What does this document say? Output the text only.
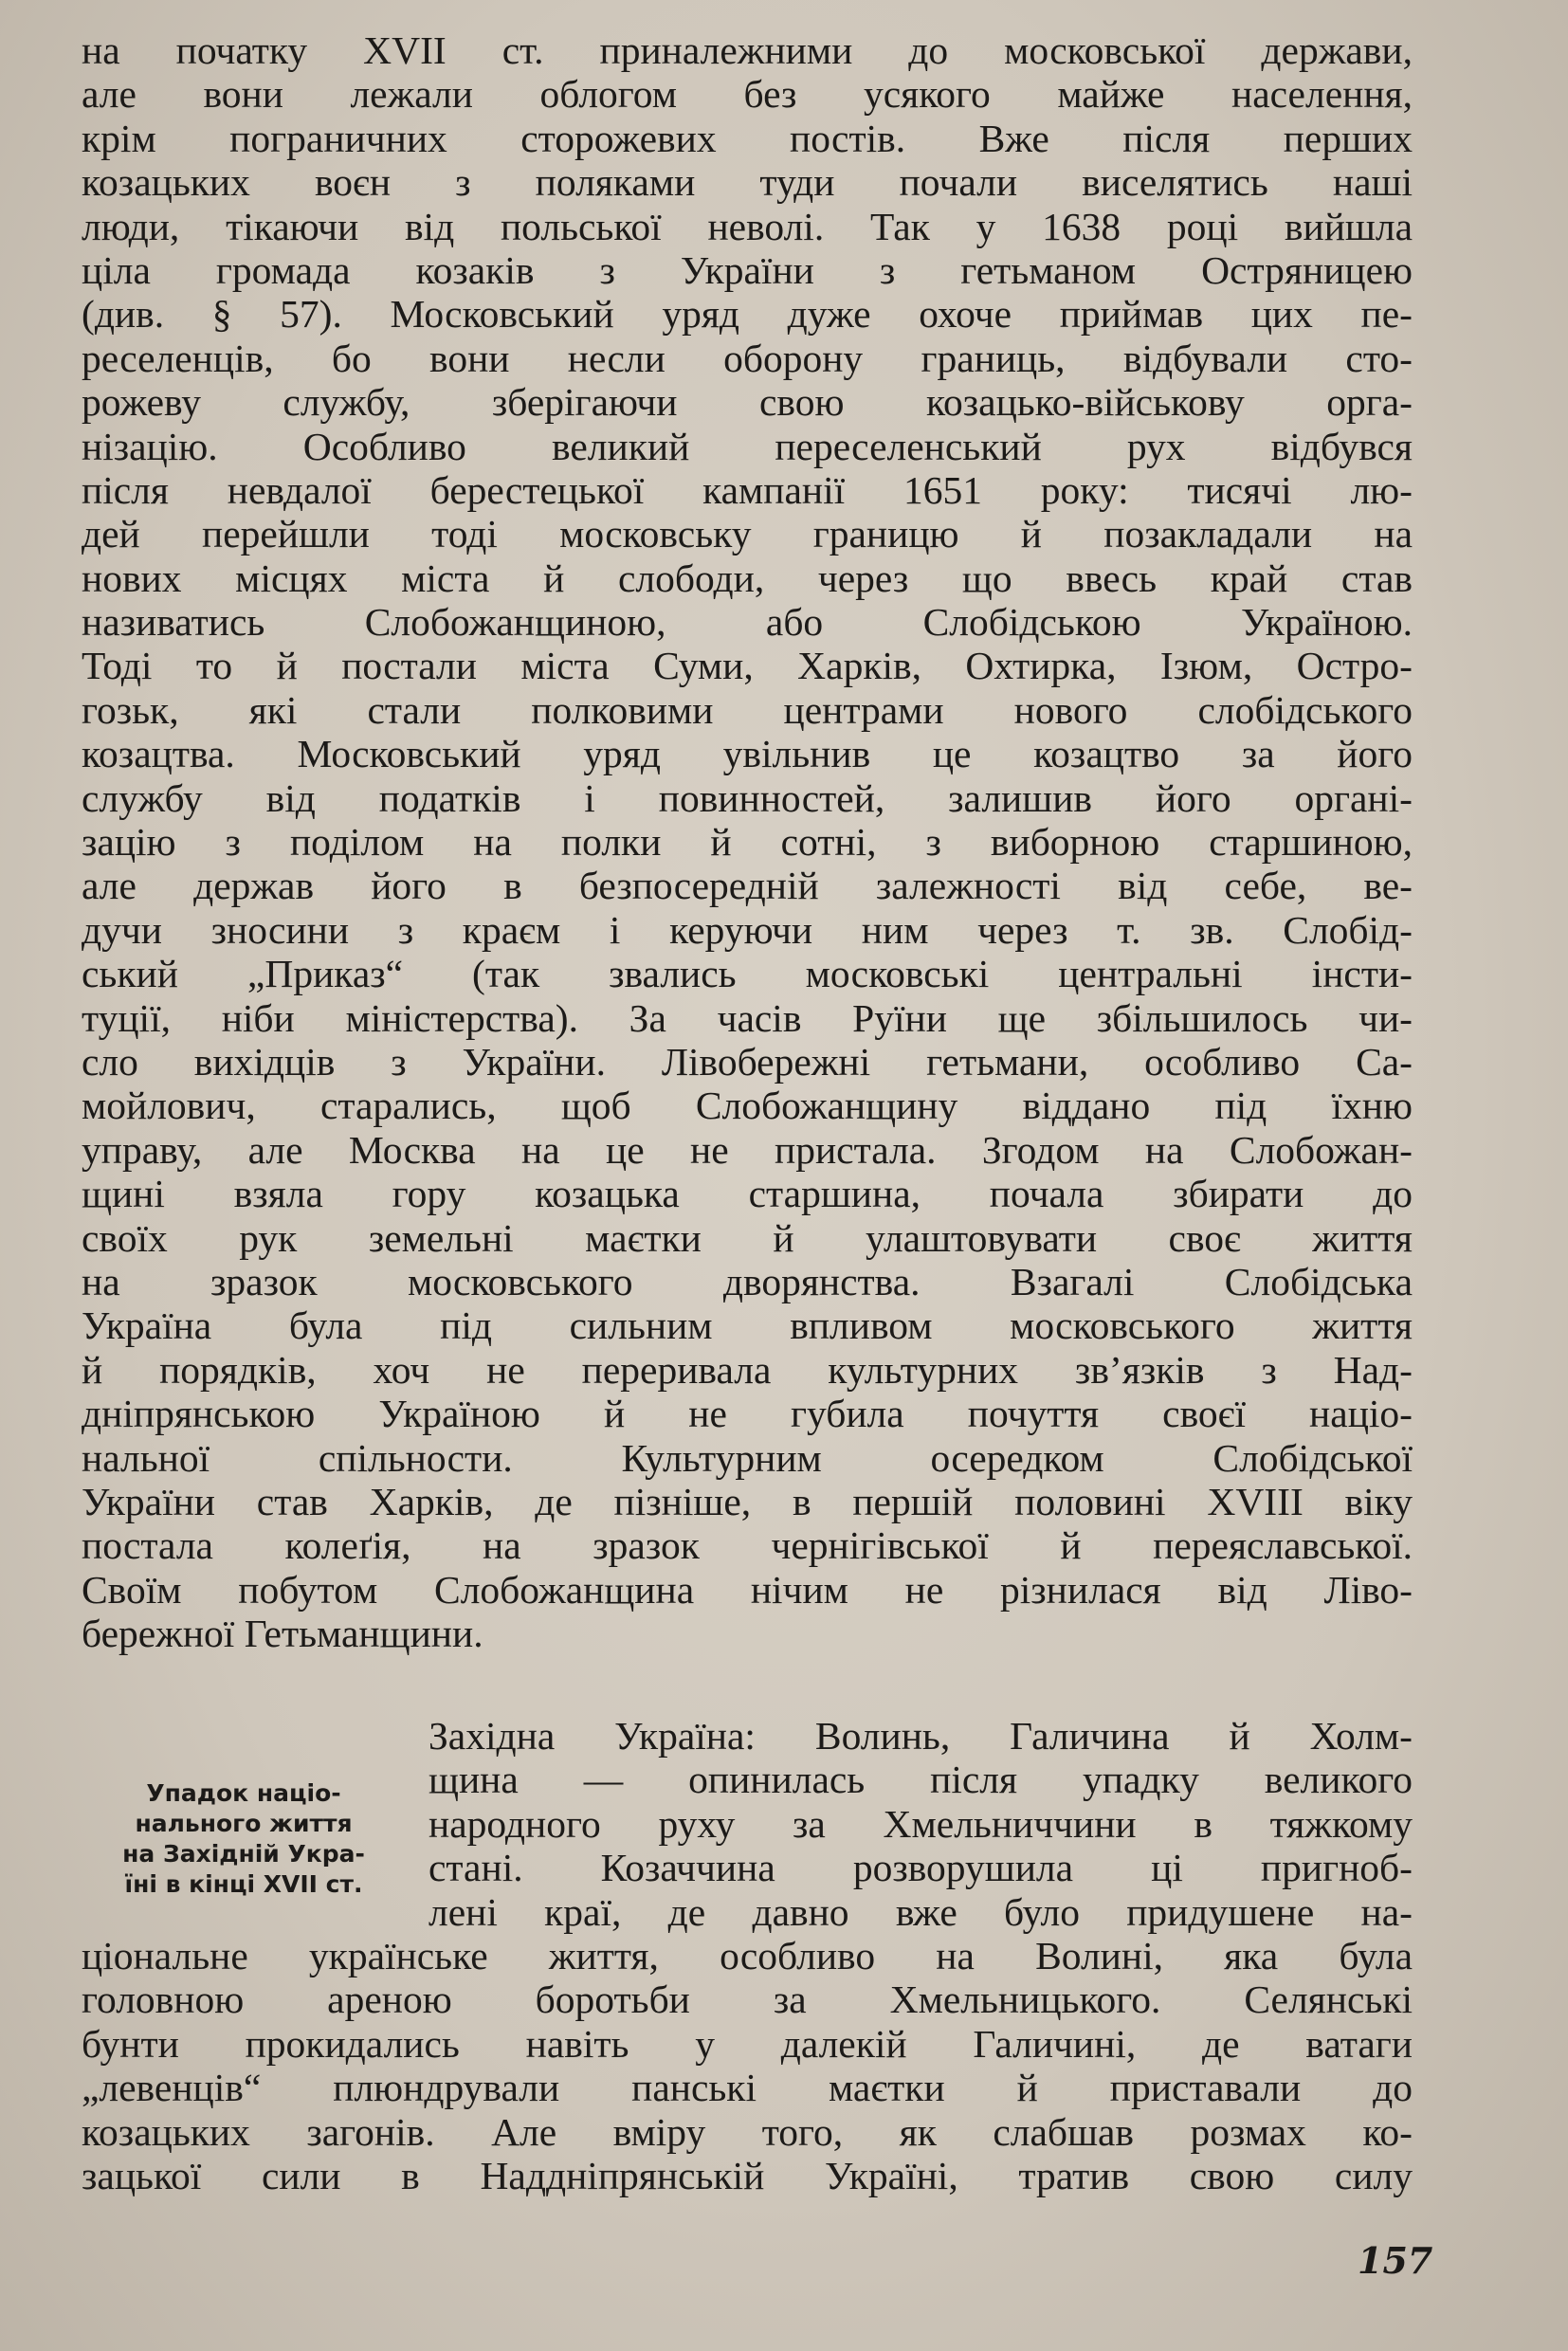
на початку XVII ст. приналежними до московської держави,
але вони лежали облогом без усякого майже населення,
крім пограничних сторожевих постів. Вже після перших
козацьких воєн з поляками туди почали виселятись наші
люди, тікаючи від польської неволі. Так у 1638 році вийшла
ціла громада козаків з України з гетьманом Остряницею
(див. § 57). Московський уряд дуже охоче приймав цих пе-
реселенців, бо вони несли оборону границь, відбували сто-
рожеву службу, зберігаючи свою козацько-військову орга-
нізацію. Особливо великий переселенський рух відбувся
після невдалої берестецької кампанії 1651 року: тисячі лю-
дей перейшли тоді московську границю й позакладали на
нових місцях міста й слободи, через що ввесь край став
називатись Слобожанщиною, або Слобідською Україною.
Тоді то й постали міста Суми, Харків, Охтирка, Ізюм, Остро-
гозьк, які стали полковими центрами нового слобідського
козацтва. Московський уряд увільнив це козацтво за його
службу від податків і повинностей, залишив його органі-
зацію з поділом на полки й сотні, з виборною старшиною,
але держав його в безпосередній залежності від себе, ве-
дучи зносини з краєм і керуючи ним через т. зв. Слобід-
ський „Приказ“ (так звались московські центральні інсти-
туції, ніби міністерства). За часів Руїни ще збільшилось чи-
сло вихідців з України. Лівобережні гетьмани, особливо Са-
мойлович, старались, щоб Слобожанщину віддано під їхню
управу, але Москва на це не пристала. Згодом на Слобожан-
щині взяла гору козацька старшина, почала збирати до
своїх рук земельні маєтки й улаштовувати своє життя
на зразок московського дворянства. Взагалі Слобідська
Україна була під сильним впливом московського життя
й порядків, хоч не переривала культурних зв’язків з Над-
дніпрянською Україною й не губила почуття своєї націо-
нальної спільности. Культурним осередком Слобідської
України став Харків, де пізніше, в першій половині XVIII віку
постала колеґія, на зразок чернігівської й переяславської.
Своїм побутом Слобожанщина нічим не різнилася від Ліво-
бережної Гетьманщини.
Упадок націо-
нального життя
на Західній Укра-
їні в кінці XVII ст.
Західна Україна: Волинь, Галичина й Холм-
щина — опинилась після упадку великого
народного руху за Хмельниччини в тяжкому
стані. Козаччина розворушила ці пригноб-
лені краї, де давно вже було придушене на-
ціональне українське життя, особливо на Волині, яка була
головною ареною боротьби за Хмельницького. Селянські
бунти прокидались навіть у далекій Галичині, де ватаги
„левенців“ плюндрували панські маєтки й приставали до
козацьких загонів. Але вміру того, як слабшав розмах ко-
зацької сили в Наддніпрянській Україні, тратив свою силу
157
